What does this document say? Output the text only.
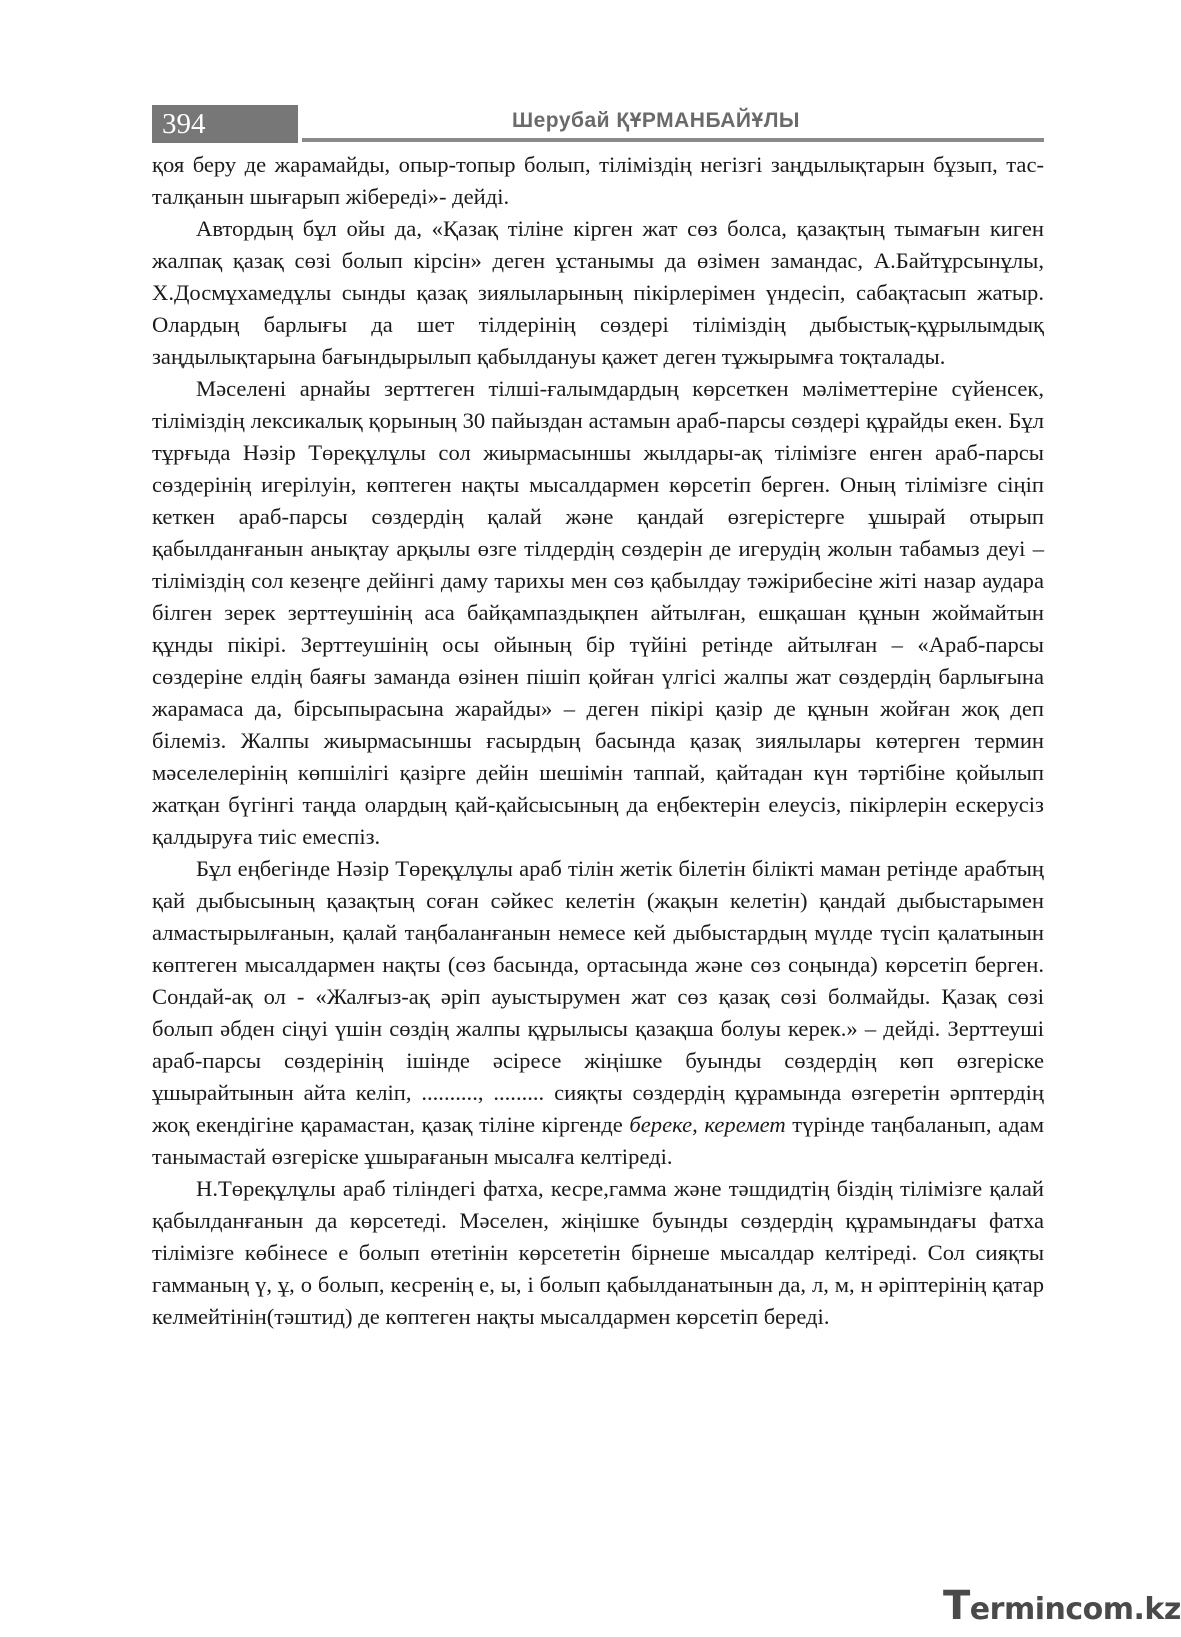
394	Шерубай ҚҰРМАНБАЙҰЛЫ

қоя беру де жарамайды, опыр-топыр болып, тіліміздің негізгі заңдылықтарын бұзып, тас-талқанын шығарып жібереді»- дейді.

Автордың бұл ойы да, «Қазақ тіліне кірген жат сөз болса, қазақтың тымағын киген жалпақ қазақ сөзі болып кірсін» деген ұстанымы да өзімен замандас, А.Байтұрсынұлы, Х.Досмұхамедұлы сынды қазақ зиялыларының пікірлерімен үндесіп, сабақтасып жатыр. Олардың барлығы да шет тілдерінің сөздері тіліміздің дыбыстық-құрылымдық заңдылықтарына бағындырылып қабылдануы қажет деген тұжырымға тоқталады.

Мәселені арнайы зерттеген тілші-ғалымдардың көрсеткен мәліметтеріне сүйенсек, тіліміздің лексикалық қорының 30 пайыздан астамын араб-парсы сөздері құрайды екен. Бұл тұрғыда Нәзір Төреқұлұлы сол жиырмасыншы жылдары-ақ тілімізге енген араб-парсы сөздерінің игерілуін, көптеген нақты мысалдармен көрсетіп берген. Оның тілімізге сіңіп кеткен араб-парсы сөздердің қалай және қандай өзгерістерге ұшырай отырып қабылданғанын анықтау арқылы өзге тілдердің сөздерін де игерудің жолын табамыз деуі – тіліміздің сол кезеңге дейінгі даму тарихы мен сөз қабылдау тәжірибесіне жіті назар аудара білген зерек зерттеушінің аса байқампаздықпен айтылған, ешқашан құнын жоймайтын құнды пікірі. Зерттеушінің осы ойының бір түйіні ретінде айтылған – «Араб-парсы сөздеріне елдің баяғы заманда өзінен пішіп қойған үлгісі жалпы жат сөздердің барлығына жарамаса да, бірсыпырасына жарайды» – деген пікірі қазір де құнын жойған жоқ деп білеміз. Жалпы жиырмасыншы ғасырдың басында қазақ зиялылары көтерген термин мәселелерінің көпшілігі қазірге дейін шешімін таппай, қайтадан күн тәртібіне қойылып жатқан бүгінгі таңда олардың қай-қайсысының да еңбектерін елеусіз, пікірлерін ескерусіз қалдыруға тиіс емеспіз.

Бұл еңбегінде Нәзір Төреқұлұлы араб тілін жетік білетін білікті маман ретінде арабтың қай дыбысының қазақтың соған сәйкес келетін (жақын келетін) қандай дыбыстарымен алмастырылғанын, қалай таңбаланғанын немесе кей дыбыстардың мүлде түсіп қалатынын көптеген мысалдармен нақты (сөз басында, ортасында және сөз соңында) көрсетіп берген. Сондай-ақ ол - «Жалғыз-ақ әріп ауыстырумен жат сөз қазақ сөзі болмайды. Қазақ сөзі болып әбден сіңуі үшін сөздің жалпы құрылысы қазақша болуы керек.» – дейді. Зерттеуші араб-парсы сөздерінің ішінде әсіресе жіңішке буынды сөздердің көп өзгеріске ұшырайтынын айта келіп, .........., ......... сияқты сөздердің құрамында өзгеретін әрптердің жоқ екендігіне қарамастан, қазақ тіліне кіргенде береке, керемет түрінде таңбаланып, адам танымастай өзгеріске ұшырағанын мысалға келтіреді.

Н.Төреқұлұлы араб тіліндегі фатха, кесре,гамма және тәшдидтің біздің тілімізге қалай қабылданғанын да көрсетеді. Мәселен, жіңішке буынды сөздердің құрамындағы фатха тілімізге көбінесе е болып өтетінін көрсететін бірнеше мысалдар келтіреді. Сол сияқты гамманың ү, ұ, о болып, кесренің е, ы, і болып қабылданатынын да, л, м, н әріптерінің қатар келмейтінін(тәштид) де көптеген нақты мысалдармен көрсетіп береді.

Termincom.kz
